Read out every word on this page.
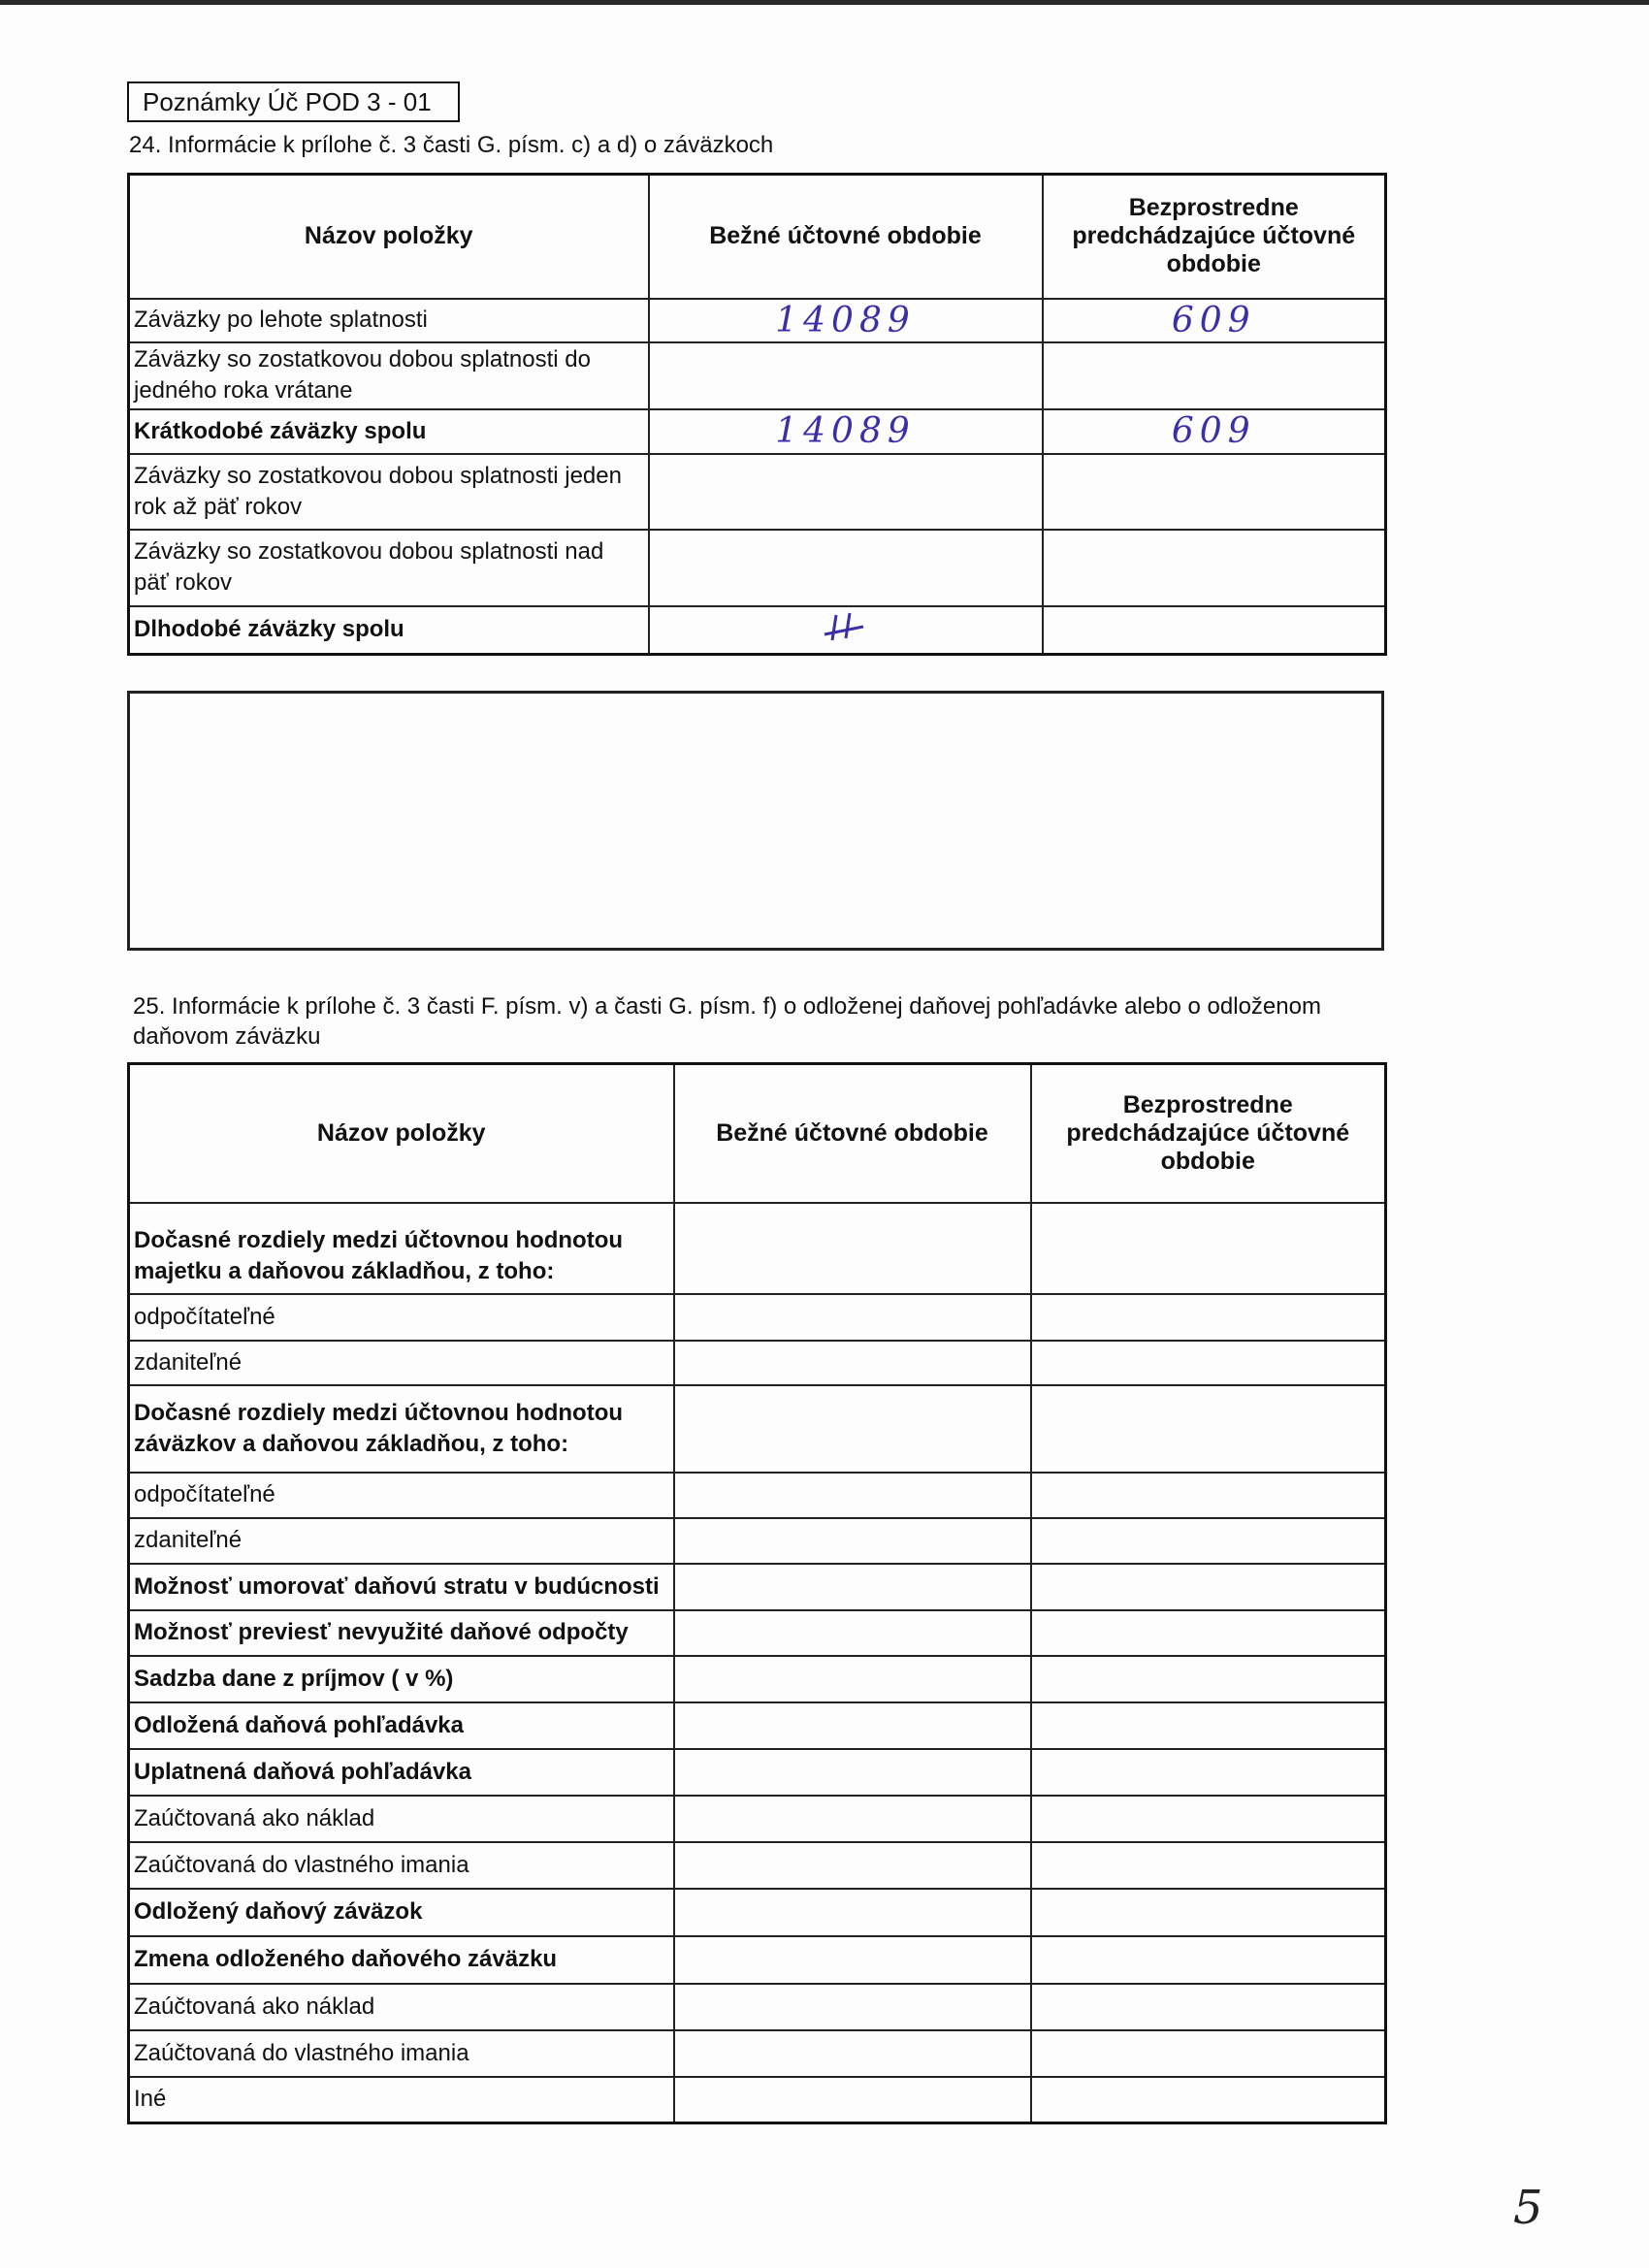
Poznámky Úč POD 3 - 01
24. Informácie k prílohe č. 3 časti G. písm. c) a d) o záväzkoch
Názov položky	Bežné účtovné obdobie	Bezprostredne predchádzajúce účtovné obdobie
Záväzky po lehote splatnosti	14089	609
Záväzky so zostatkovou dobou splatnosti do jedného roka vrátane		
Krátkodobé záväzky spolu	14089	609
Záväzky so zostatkovou dobou splatnosti jeden rok až päť rokov		
Záväzky so zostatkovou dobou splatnosti nad päť rokov		
Dlhodobé záväzky spolu		
25. Informácie k prílohe č. 3 časti F. písm. v) a časti G. písm. f) o odloženej daňovej pohľadávke alebo o odloženom
daňovom záväzku
Názov položky	Bežné účtovné obdobie	Bezprostredne predchádzajúce účtovné obdobie
Dočasné rozdiely medzi účtovnou hodnotou majetku a daňovou základňou, z toho:		
odpočítateľné		
zdaniteľné		
Dočasné rozdiely medzi účtovnou hodnotou záväzkov a daňovou základňou, z toho:		
odpočítateľné		
zdaniteľné		
Možnosť umorovať daňovú stratu v budúcnosti		
Možnosť previesť nevyužité daňové odpočty		
Sadzba dane z príjmov ( v %)		
Odložená daňová pohľadávka		
Uplatnená daňová pohľadávka		
Zaúčtovaná ako náklad		
Zaúčtovaná do vlastného imania		
Odložený daňový záväzok		
Zmena odloženého daňového záväzku		
Zaúčtovaná ako náklad		
Zaúčtovaná do vlastného imania		
Iné		
5
